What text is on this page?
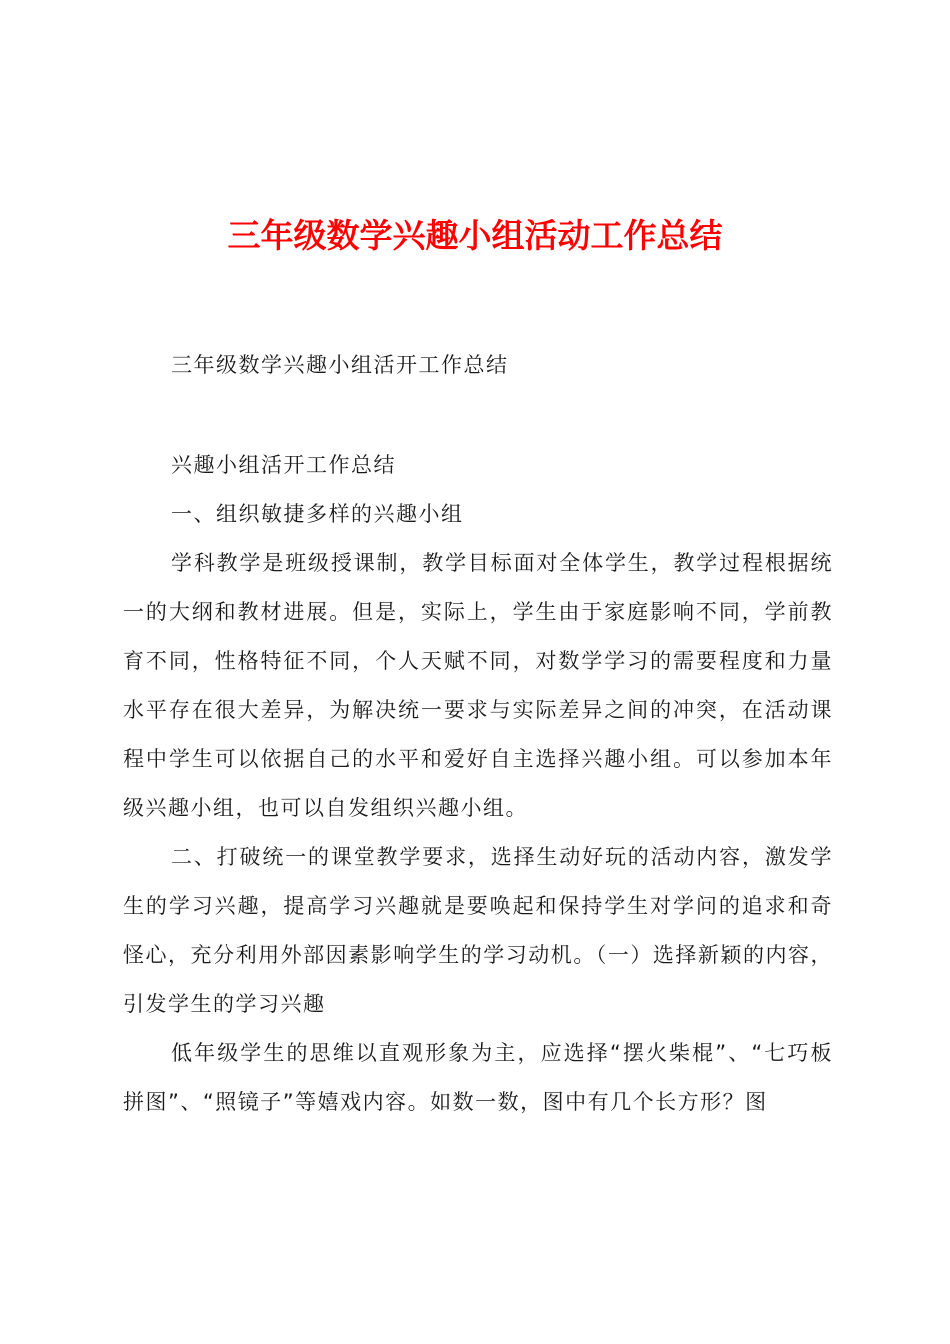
三年级数学兴趣小组活动工作总结

三年级数学兴趣小组活开工作总结

兴趣小组活开工作总结

一、组织敏捷多样的兴趣小组

学科教学是班级授课制，教学目标面对全体学生，教学过程根据统一的大纲和教材进展。但是，实际上，学生由于家庭影响不同，学前教育不同，性格特征不同，个人天赋不同，对数学学习的需要程度和力量水平存在很大差异，为解决统一要求与实际差异之间的冲突，在活动课程中学生可以依据自己的水平和爱好自主选择兴趣小组。可以参加本年级兴趣小组，也可以自发组织兴趣小组。

二、打破统一的课堂教学要求，选择生动好玩的活动内容，激发学生的学习兴趣，提高学习兴趣就是要唤起和保持学生对学问的追求和奇怪心，充分利用外部因素影响学生的学习动机。（一）选择新颖的内容，引发学生的学习兴趣

低年级学生的思维以直观形象为主，应选择“摆火柴棍”、“七巧板拼图”、“照镜子”等嬉戏内容。如数一数，图中有几个长方形？图
